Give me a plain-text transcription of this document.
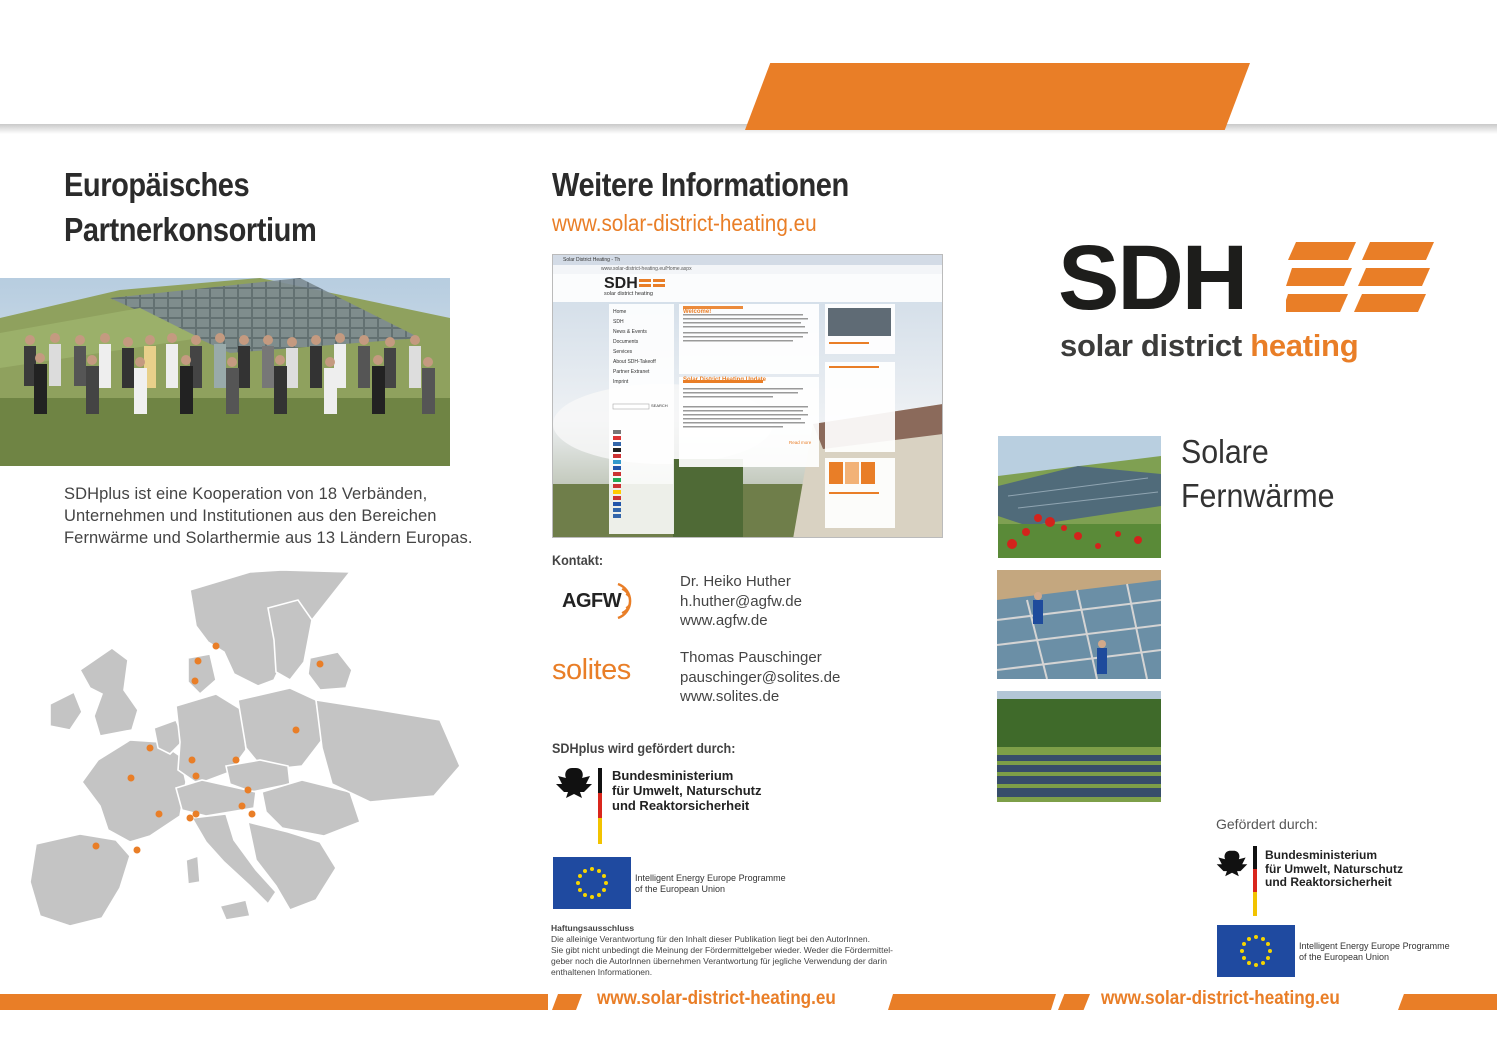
Europäisches
Partnerkonsortium
SDHplus ist eine Kooperation von 18 Verbänden,
Unternehmen und Institutionen aus den Bereichen
Fernwärme und Solarthermie aus 13 Ländern Europas.
Weitere Informationen
www.solar-district-heating.eu
Solar District Heating - Th
www.solar-district-heating.eu/Home.aspx
SDH
solar district heating
Home
SDH
News & Events
Documents
Services
About SDH-Takeoff
Partner Extranet
Imprint
SEARCH
Welcome!
Solar District Heating Update
Read more
Kontakt:
AGFW
Dr. Heiko Huther
h.huther@agfw.de
www.agfw.de
solites	Thomas Pauschinger
pauschinger@solites.de
www.solites.de
SDHplus wird gefördert durch:
Bundesministerium
für Umwelt, Naturschutz
und Reaktorsicherheit
Intelligent Energy Europe Programme
of the European Union
Haftungsausschluss
Die alleinige Verantwortung für den Inhalt dieser Publikation liegt bei den AutorInnen.
Sie gibt nicht unbedingt die Meinung der Fördermittelgeber wieder. Weder die Fördermittel-
geber noch die AutorInnen übernehmen Verantwortung für jegliche Verwendung der darin
enthaltenen Informationen.
SDH
solar district heating
Solare
Fernwärme
Gefördert durch:
Bundesministerium
für Umwelt, Naturschutz
und Reaktorsicherheit
Intelligent Energy Europe Programme
of the European Union
www.solar-district-heating.eu	www.solar-district-heating.eu
